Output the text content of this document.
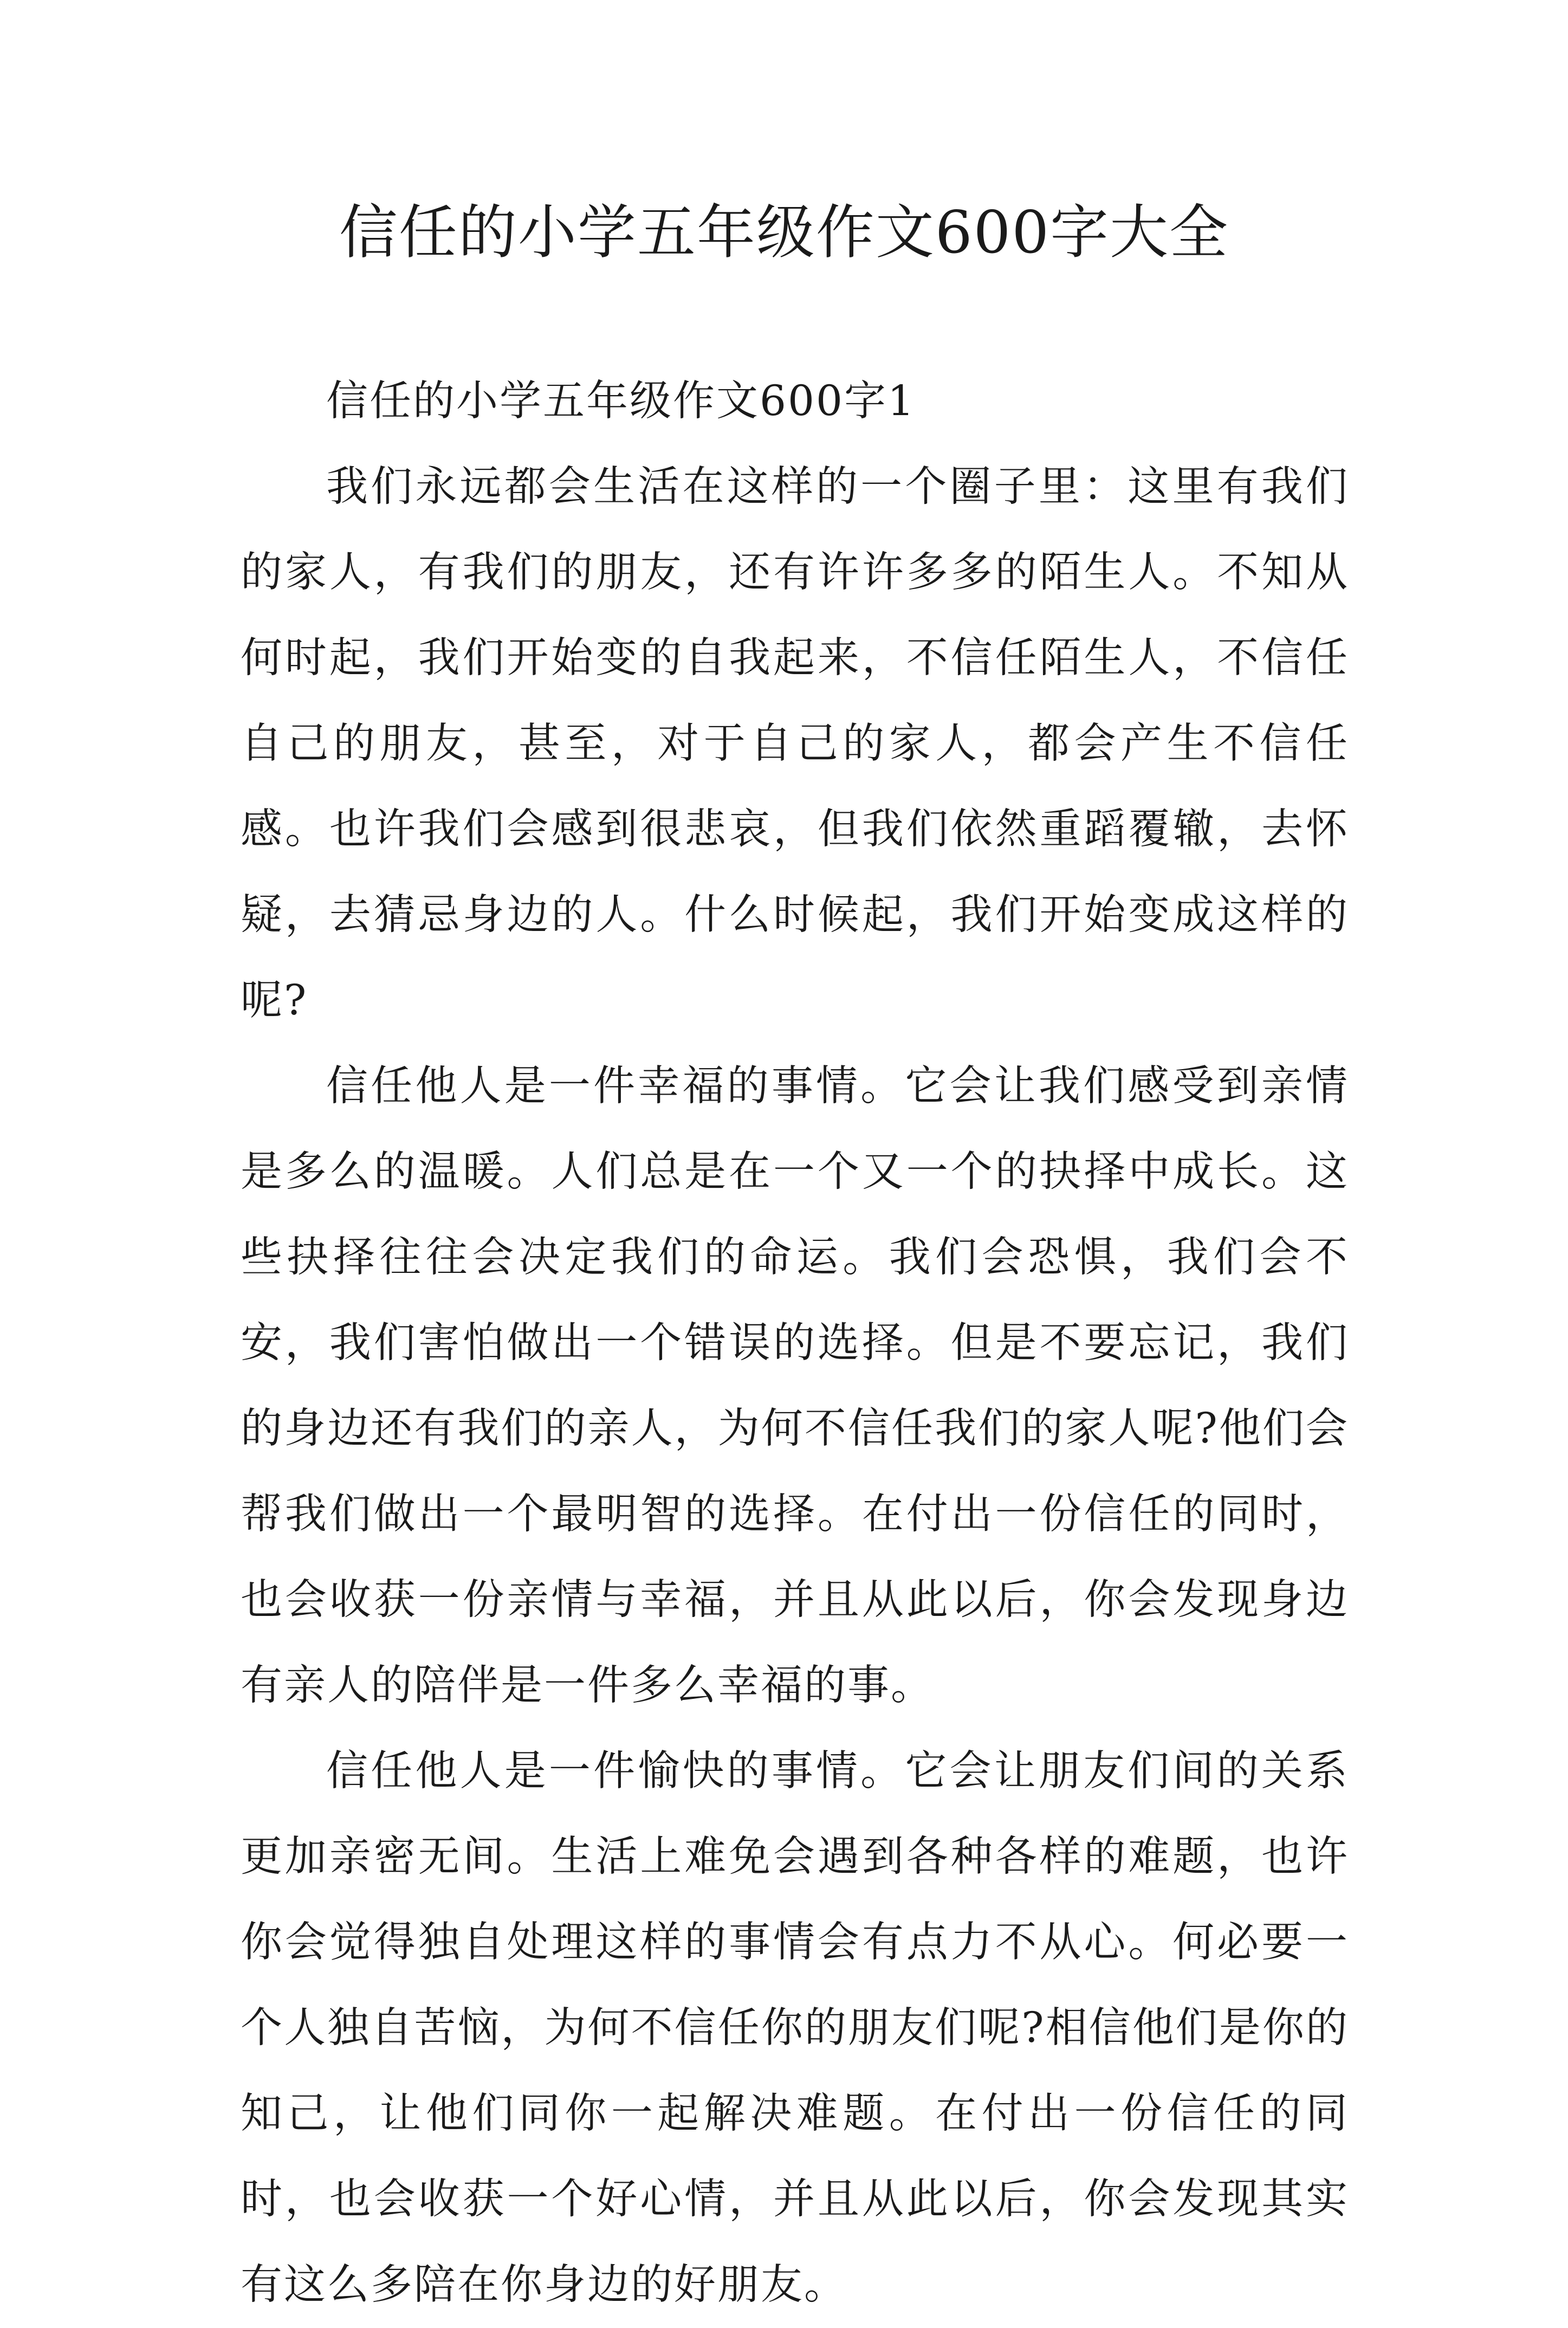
信任的小学五年级作文600字大全

信任的小学五年级作文600字1

我们永远都会生活在这样的一个圈子里：这里有我们的家人，有我们的朋友，还有许许多多的陌生人。不知从何时起，我们开始变的自我起来，不信任陌生人，不信任自己的朋友，甚至，对于自己的家人，都会产生不信任感。也许我们会感到很悲哀，但我们依然重蹈覆辙，去怀疑，去猜忌身边的人。什么时候起，我们开始变成这样的呢?

信任他人是一件幸福的事情。它会让我们感受到亲情是多么的温暖。人们总是在一个又一个的抉择中成长。这些抉择往往会决定我们的命运。我们会恐惧，我们会不安，我们害怕做出一个错误的选择。但是不要忘记，我们的身边还有我们的亲人，为何不信任我们的家人呢?他们会帮我们做出一个最明智的选择。在付出一份信任的同时，也会收获一份亲情与幸福，并且从此以后，你会发现身边有亲人的陪伴是一件多么幸福的事。

信任他人是一件愉快的事情。它会让朋友们间的关系更加亲密无间。生活上难免会遇到各种各样的难题，也许你会觉得独自处理这样的事情会有点力不从心。何必要一个人独自苦恼，为何不信任你的朋友们呢?相信他们是你的知己，让他们同你一起解决难题。在付出一份信任的同时，也会收获一个好心情，并且从此以后，你会发现其实有这么多陪在你身边的好朋友。
